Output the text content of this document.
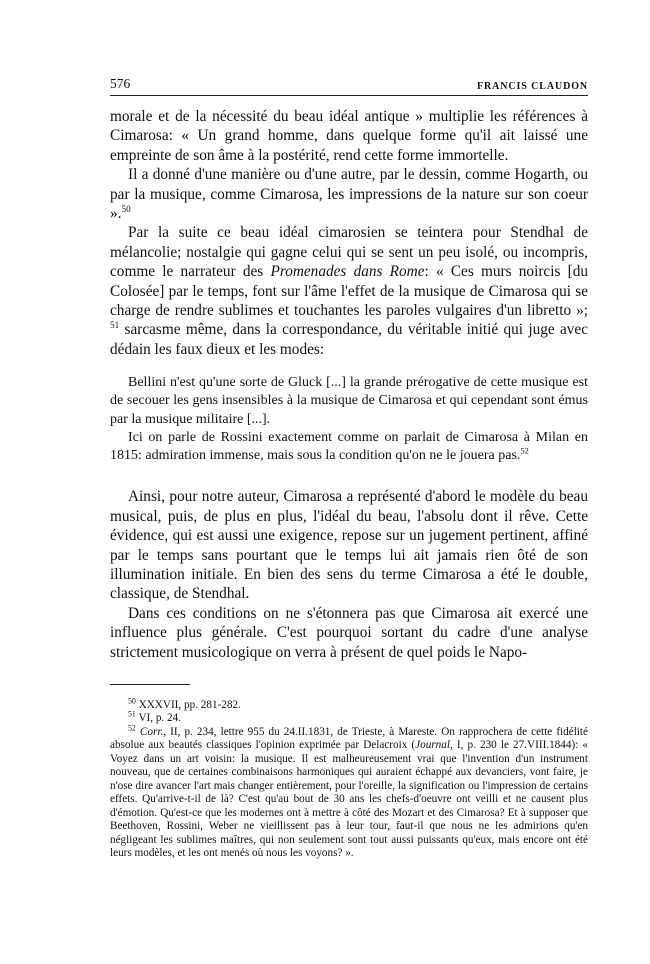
576	FRANCIS CLAUDON

morale et de la nécessité du beau idéal antique » multiplie les références à Cimarosa: « Un grand homme, dans quelque forme qu'il ait laissé une empreinte de son âme à la postérité, rend cette forme immortelle.

Il a donné d'une manière ou d'une autre, par le dessin, comme Hogarth, ou par la musique, comme Cimarosa, les impressions de la nature sur son coeur ».$^{50}$

Par la suite ce beau idéal cimarosien se teintera pour Stendhal de mélancolie; nostalgie qui gagne celui qui se sent un peu isolé, ou incompris, comme le narrateur des Promenades dans Rome: « Ces murs noircis [du Colosée] par le temps, font sur l'âme l'effet de la musique de Cimarosa qui se charge de rendre sublimes et touchantes les paroles vulgaires d'un libretto »; $^{51}$ sarcasme même, dans la correspondance, du véritable initié qui juge avec dédain les faux dieux et les modes:

Bellini n'est qu'une sorte de Gluck [...] la grande prérogative de cette musique est de secouer les gens insensibles à la musique de Cimarosa et qui cependant sont émus par la musique militaire [...].

Ici on parle de Rossini exactement comme on parlait de Cimarosa à Milan en 1815: admiration immense, mais sous la condition qu'on ne le jouera pas.$^{52}$

Ainsi, pour notre auteur, Cimarosa a représenté d'abord le modèle du beau musical, puis, de plus en plus, l'idéal du beau, l'absolu dont il rêve. Cette évidence, qui est aussi une exigence, repose sur un jugement pertinent, affiné par le temps sans pourtant que le temps lui ait jamais rien ôté de son illumination initiale. En bien des sens du terme Cimarosa a été le double, classique, de Stendhal.

Dans ces conditions on ne s'étonnera pas que Cimarosa ait exercé une influence plus générale. C'est pourquoi sortant du cadre d'une analyse strictement musicologique on verra à présent de quel poids le Napo-

$^{50}$ XXXVII, pp. 281-282.

$^{51}$ VI, p. 24.

$^{52}$ Corr., II, p. 234, lettre 955 du 24.II.1831, de Trieste, à Mareste. On rapprochera de cette fidélité absolue aux beautés classiques l'opinion exprimée par Delacroix (Journal, I, p. 230 le 27.VIII.1844): « Voyez dans un art voisin: la musique. Il est malheureusement vrai que l'invention d'un instrument nouveau, que de certaines combinaisons harmoniques qui auraient échappé aux devanciers, vont faire, je n'ose dire avancer l'art mais changer entièrement, pour l'oreille, la signification ou l'impression de certains effets. Qu'arrive-t-il de là? C'est qu'au bout de 30 ans les chefs-d'oeuvre ont veilli et ne causent plus d'émotion. Qu'est-ce que les modernes ont à mettre à côté des Mozart et des Cimarosa? Et à supposer que Beethoven, Rossini, Weber ne vieillissent pas à leur tour, faut-il que nous ne les admirions qu'en négligeant les sublimes maîtres, qui non seulement sont tout aussi puissants qu'eux, mais encore ont été leurs modèles, et les ont menés où nous les voyons? ».
